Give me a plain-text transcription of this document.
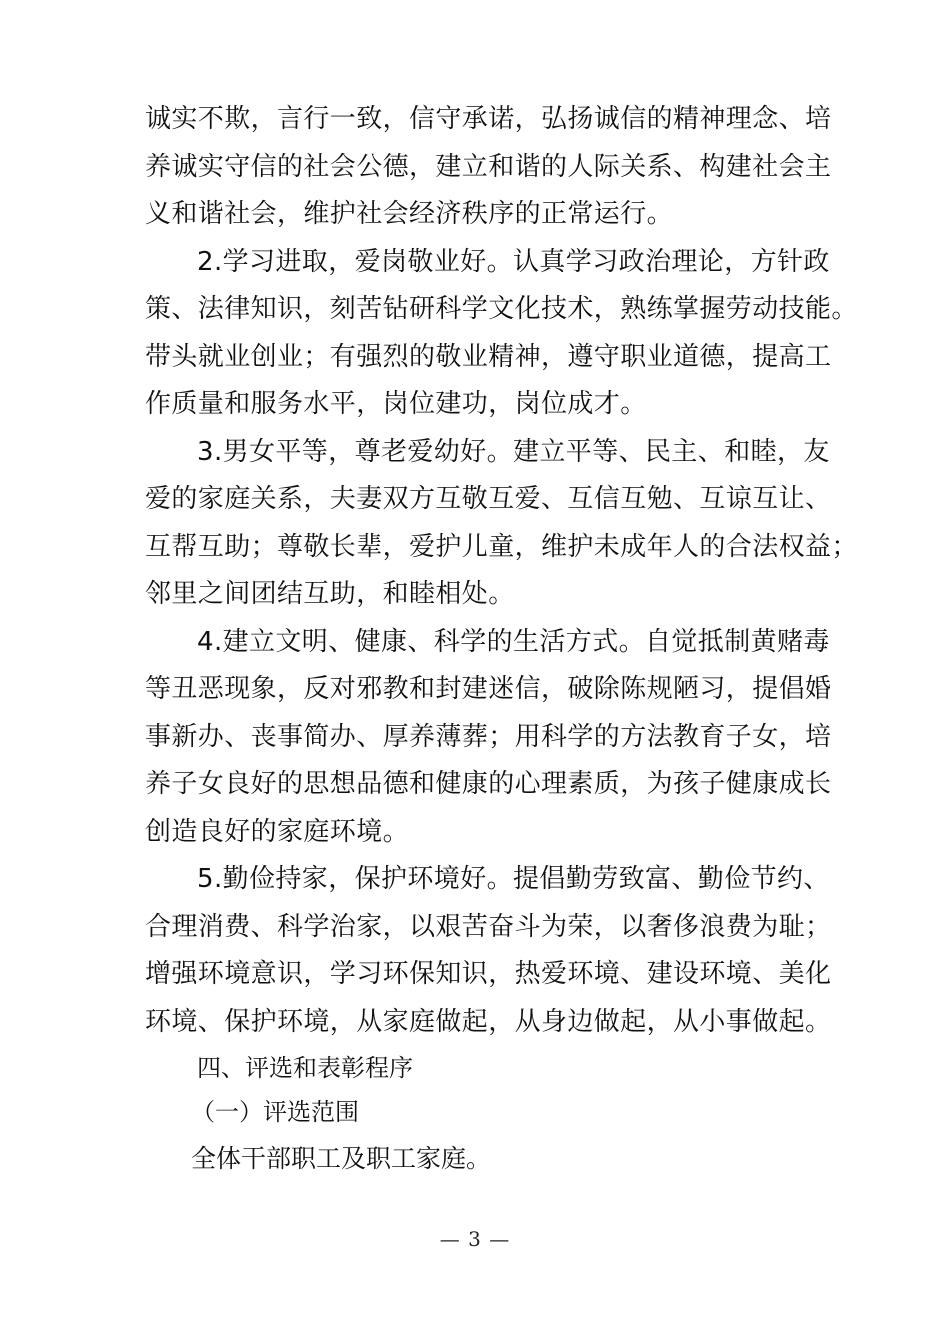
诚实不欺，言行一致，信守承诺，弘扬诚信的精神理念、培
养诚实守信的社会公德，建立和谐的人际关系、构建社会主
义和谐社会，维护社会经济秩序的正常运行。

2.学习进取，爱岗敬业好。认真学习政治理论，方针政
策、法律知识，刻苦钻研科学文化技术，熟练掌握劳动技能。
带头就业创业；有强烈的敬业精神，遵守职业道德，提高工
作质量和服务水平，岗位建功，岗位成才。

3.男女平等，尊老爱幼好。建立平等、民主、和睦，友
爱的家庭关系，夫妻双方互敬互爱、互信互勉、互谅互让、
互帮互助；尊敬长辈，爱护儿童，维护未成年人的合法权益；
邻里之间团结互助，和睦相处。

4.建立文明、健康、科学的生活方式。自觉抵制黄赌毒
等丑恶现象，反对邪教和封建迷信，破除陈规陋习，提倡婚
事新办、丧事简办、厚养薄葬；用科学的方法教育子女，培
养子女良好的思想品德和健康的心理素质，为孩子健康成长
创造良好的家庭环境。

5.勤俭持家，保护环境好。提倡勤劳致富、勤俭节约、
合理消费、科学治家，以艰苦奋斗为荣，以奢侈浪费为耻；
增强环境意识，学习环保知识，热爱环境、建设环境、美化
环境、保护环境，从家庭做起，从身边做起，从小事做起。

四、评选和表彰程序

（一）评选范围

全体干部职工及职工家庭。

— 3 —
